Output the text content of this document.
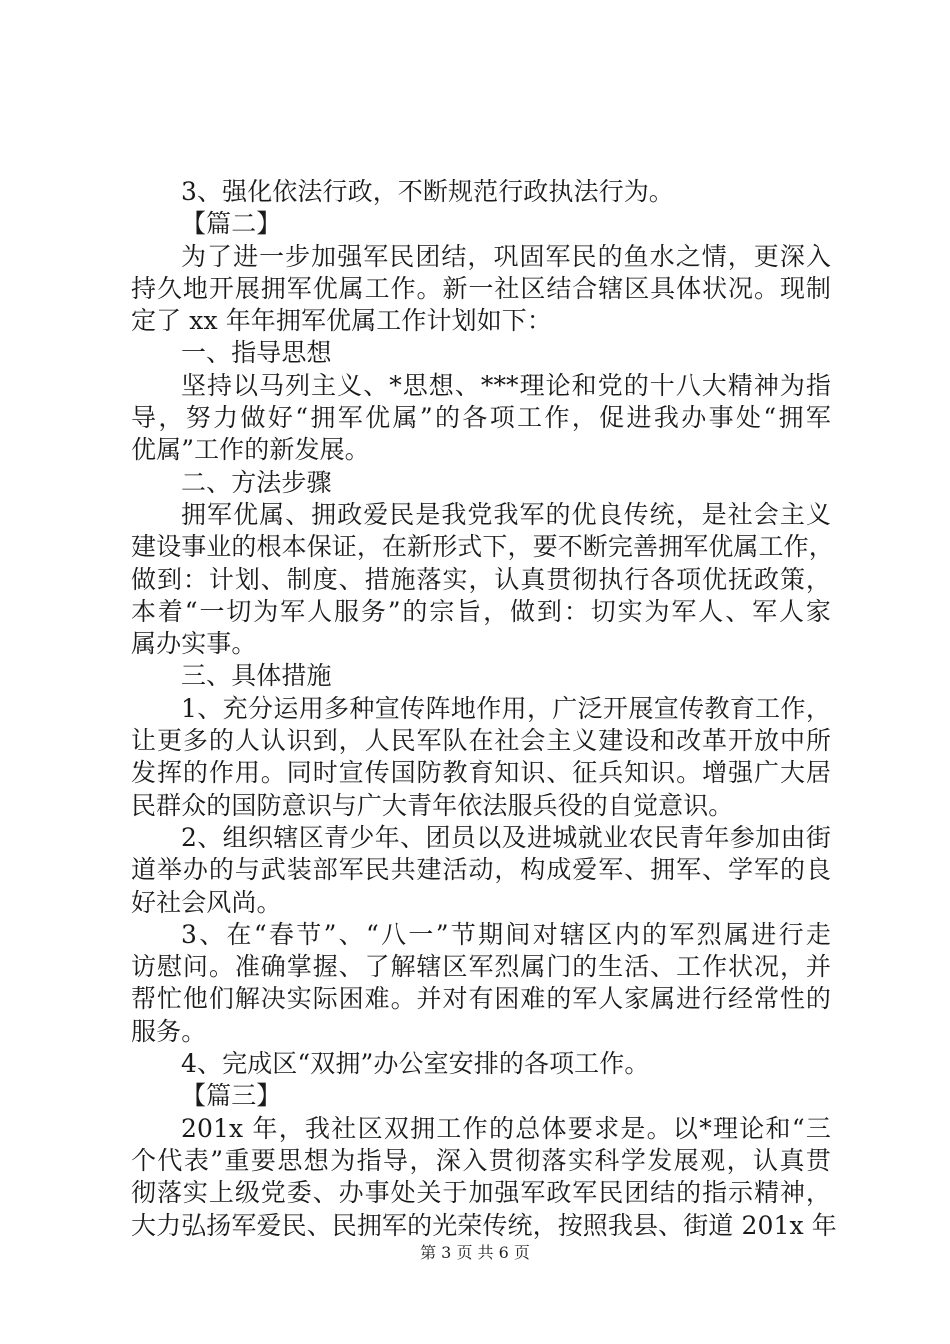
3、强化依法行政，不断规范行政执法行为。
【篇二】
为了进一步加强军民团结，巩固军民的鱼水之情，更深入
持久地开展拥军优属工作。新一社区结合辖区具体状况。现制
定了 xx 年年拥军优属工作计划如下：
一、指导思想
坚持以马列主义、*思想、***理论和党的十八大精神为指
导，努力做好“拥军优属”的各项工作，促进我办事处“拥军
优属”工作的新发展。
二、方法步骤
拥军优属、拥政爱民是我党我军的优良传统，是社会主义
建设事业的根本保证，在新形式下，要不断完善拥军优属工作，
做到：计划、制度、措施落实，认真贯彻执行各项优抚政策，
本着“一切为军人服务”的宗旨，做到：切实为军人、军人家
属办实事。
三、具体措施
1、充分运用多种宣传阵地作用，广泛开展宣传教育工作，
让更多的人认识到，人民军队在社会主义建设和改革开放中所
发挥的作用。同时宣传国防教育知识、征兵知识。增强广大居
民群众的国防意识与广大青年依法服兵役的自觉意识。
2、组织辖区青少年、团员以及进城就业农民青年参加由街
道举办的与武装部军民共建活动，构成爱军、拥军、学军的良
好社会风尚。
3、在“春节”、“八一”节期间对辖区内的军烈属进行走
访慰问。准确掌握、了解辖区军烈属门的生活、工作状况，并
帮忙他们解决实际困难。并对有困难的军人家属进行经常性的
服务。
4、完成区“双拥”办公室安排的各项工作。
【篇三】
201x 年，我社区双拥工作的总体要求是。以*理论和“三
个代表”重要思想为指导，深入贯彻落实科学发展观，认真贯
彻落实上级党委、办事处关于加强军政军民团结的指示精神，
大力弘扬军爱民、民拥军的光荣传统，按照我县、街道 201x 年
第 3 页 共 6 页
